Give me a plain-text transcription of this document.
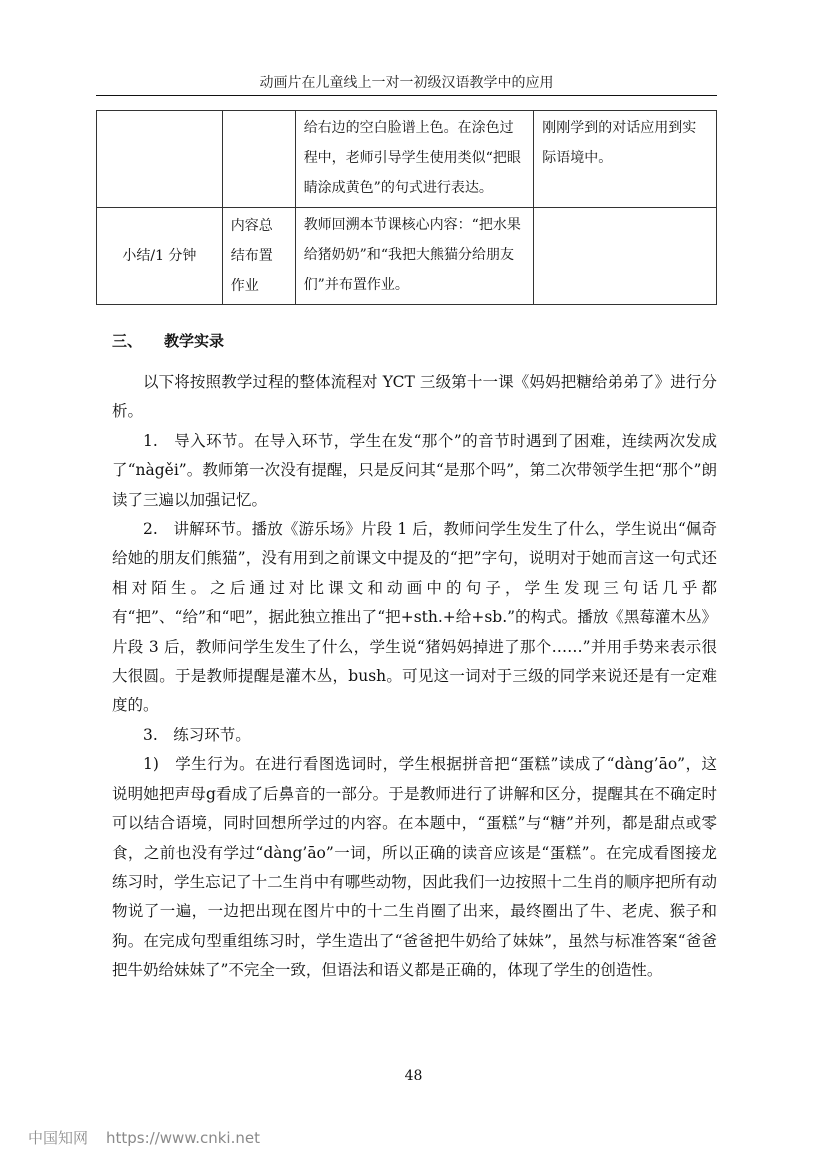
动画片在儿童线上一对一初级汉语教学中的应用
		给右边的空白脸谱上色。在涂色过程中，老师引导学生使用类似“把眼睛涂成黄色”的句式进行表达。	刚刚学到的对话应用到实际语境中。
小结/1 分钟	内容总结布置作业	教师回溯本节课核心内容：“把水果给猪奶奶”和“我把大熊猫分给朋友们”并布置作业。	
三、 教学实录

以下将按照教学过程的整体流程对 YCT 三级第十一课《妈妈把糖给弟弟了》进行分析。

1.　导入环节。在导入环节，学生在发“那个”的音节时遇到了困难，连续两次发成了“nàgěi”。教师第一次没有提醒，只是反问其“是那个吗”，第二次带领学生把“那个”朗读了三遍以加强记忆。

2.　讲解环节。播放《游乐场》片段 1 后，教师问学生发生了什么，学生说出“佩奇给她的朋友们熊猫”，没有用到之前课文中提及的“把”字句，说明对于她而言这一句式还相对陌生。之后通过对比课文和动画中的句子，学生发现三句话几乎都有“把”、“给”和“吧”，据此独立推出了“把+sth.+给+sb.”的构式。播放《黑莓灌木丛》片段 3 后，教师问学生发生了什么，学生说“猪妈妈掉进了那个……”并用手势来表示很大很圆。于是教师提醒是灌木丛，bush。可见这一词对于三级的同学来说还是有一定难度的。

3.　练习环节。

1)　学生行为。在进行看图选词时，学生根据拼音把“蛋糕”读成了“dàng’āo”，这说明她把声母g看成了后鼻音的一部分。于是教师进行了讲解和区分，提醒其在不确定时可以结合语境，同时回想所学过的内容。在本题中，“蛋糕”与“糖”并列，都是甜点或零食，之前也没有学过“dàng’āo”一词，所以正确的读音应该是“蛋糕”。在完成看图接龙练习时，学生忘记了十二生肖中有哪些动物，因此我们一边按照十二生肖的顺序把所有动物说了一遍，一边把出现在图片中的十二生肖圈了出来，最终圈出了牛、老虎、猴子和狗。在完成句型重组练习时，学生造出了“爸爸把牛奶给了妹妹”，虽然与标准答案“爸爸把牛奶给妹妹了”不完全一致，但语法和语义都是正确的，体现了学生的创造性。

48
中国知网 https://www.cnki.net
